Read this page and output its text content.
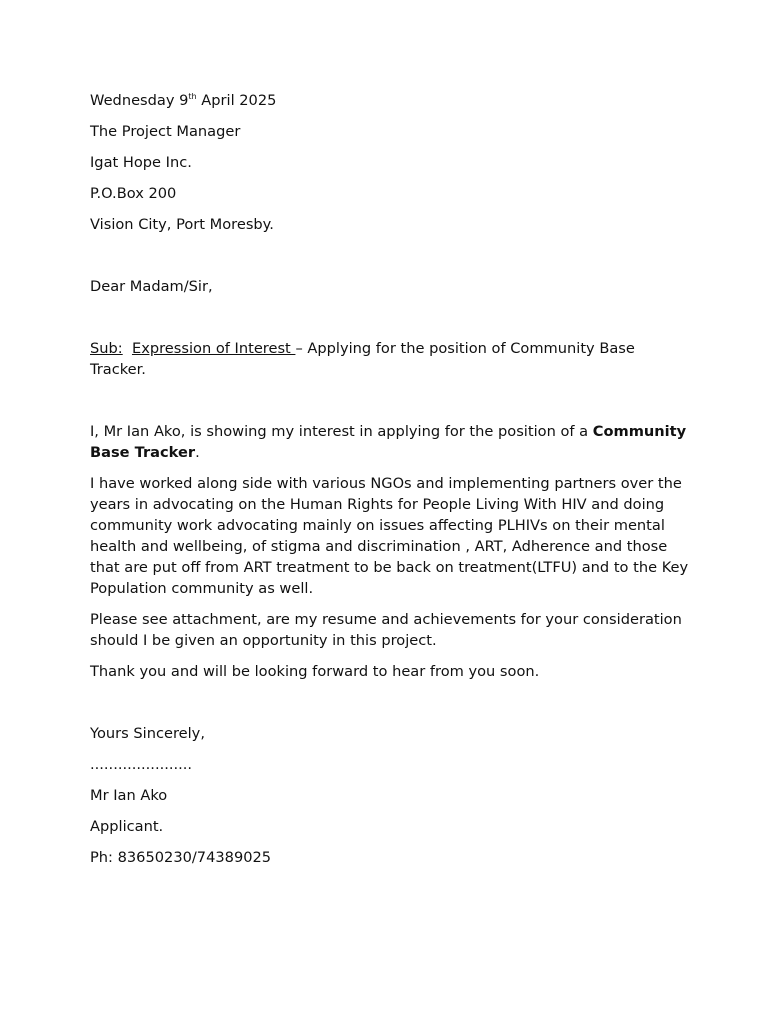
Wednesday 9th April 2025
The Project Manager
Igat Hope Inc.
P.O.Box 200
Vision City, Port Moresby.
Dear Madam/Sir,
Sub: Expression of Interest – Applying for the position of Community Base Tracker.
I, Mr Ian Ako, is showing my interest in applying for the position of a Community Base Tracker.
I have worked along side with various NGOs and implementing partners over the years in advocating on the Human Rights for People Living With HIV and doing community work advocating mainly on issues affecting PLHIVs on their mental health and wellbeing, of stigma and discrimination , ART, Adherence and those that are put off from ART treatment to be back on treatment(LTFU) and to the Key Population community as well.
Please see attachment, are my resume and achievements for your consideration should I be given an opportunity in this project.
Thank you and will be looking forward to hear from you soon.
Yours Sincerely,
......................
Mr Ian Ako
Applicant.
Ph: 83650230/74389025
